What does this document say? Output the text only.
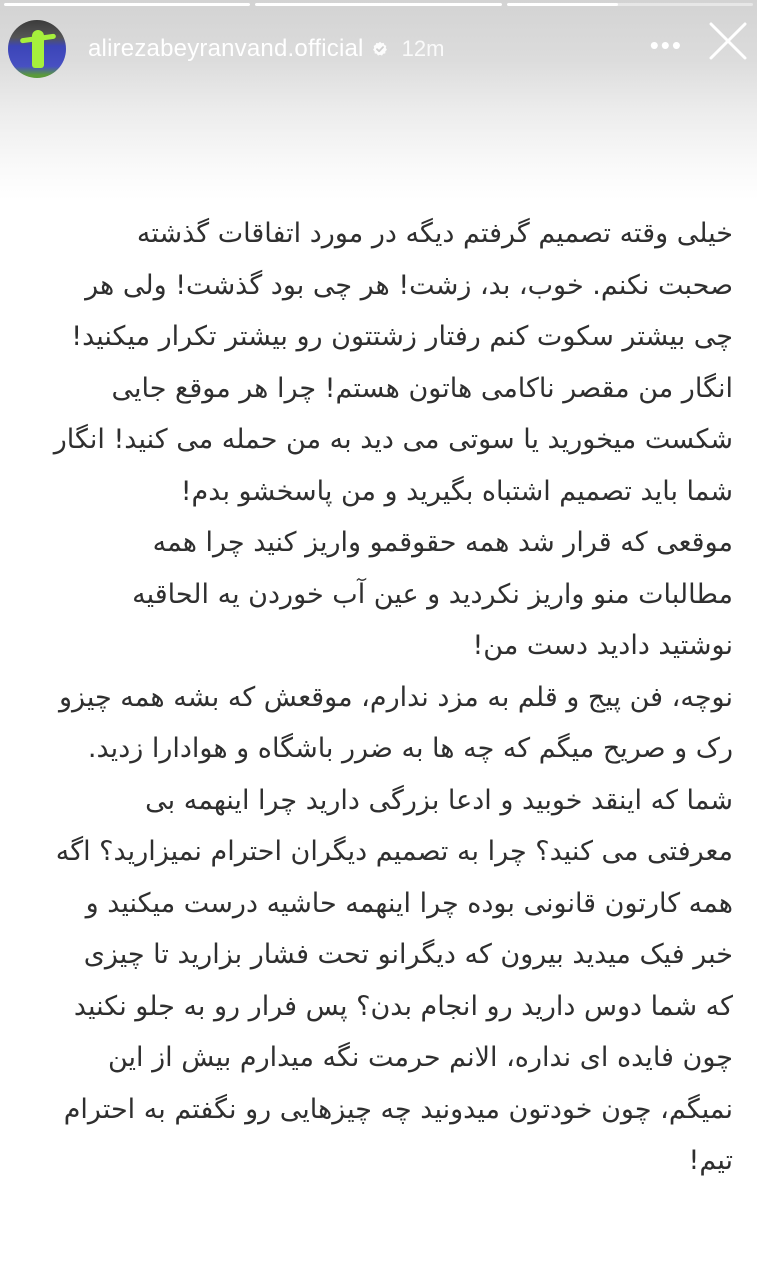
alirezabeyranvand.official 12m	•••
خیلی وقته تصمیم گرفتم دیگه در مورد اتفاقات گذشته
صحبت نکنم. خوب، بد، زشت! هر چی بود گذشت! ولی هر
چی بیشتر سکوت کنم رفتار زشتتون رو بیشتر تکرار میکنید!
انگار من مقصر ناکامی هاتون هستم! چرا هر موقع جایی
شکست میخورید یا سوتی می دید به من حمله می کنید! انگار
شما باید تصمیم اشتباه بگیرید و من پاسخشو بدم!
موقعی که قرار شد همه حقوقمو واریز کنید چرا همه
مطالبات منو واریز نکردید و عین آب خوردن یه الحاقیه
نوشتید دادید دست من!
نوچه، فن پیج و قلم به مزد ندارم، موقعش که بشه همه چیزو
رک و صریح میگم که چه ها به ضرر باشگاه و هوادارا زدید.
شما که اینقد خوبید و ادعا بزرگی دارید چرا اینهمه بی
معرفتی می کنید؟ چرا به تصمیم دیگران احترام نمیزارید؟ اگه
همه کارتون قانونی بوده چرا اینهمه حاشیه درست میکنید و
خبر فیک میدید بیرون که دیگرانو تحت فشار بزارید تا چیزی
که شما دوس دارید رو انجام بدن؟ پس فرار رو به جلو نکنید
چون فایده ای نداره، الانم حرمت نگه میدارم بیش از این
نمیگم، چون خودتون میدونید چه چیزهایی رو نگفتم به احترام
تیم!
